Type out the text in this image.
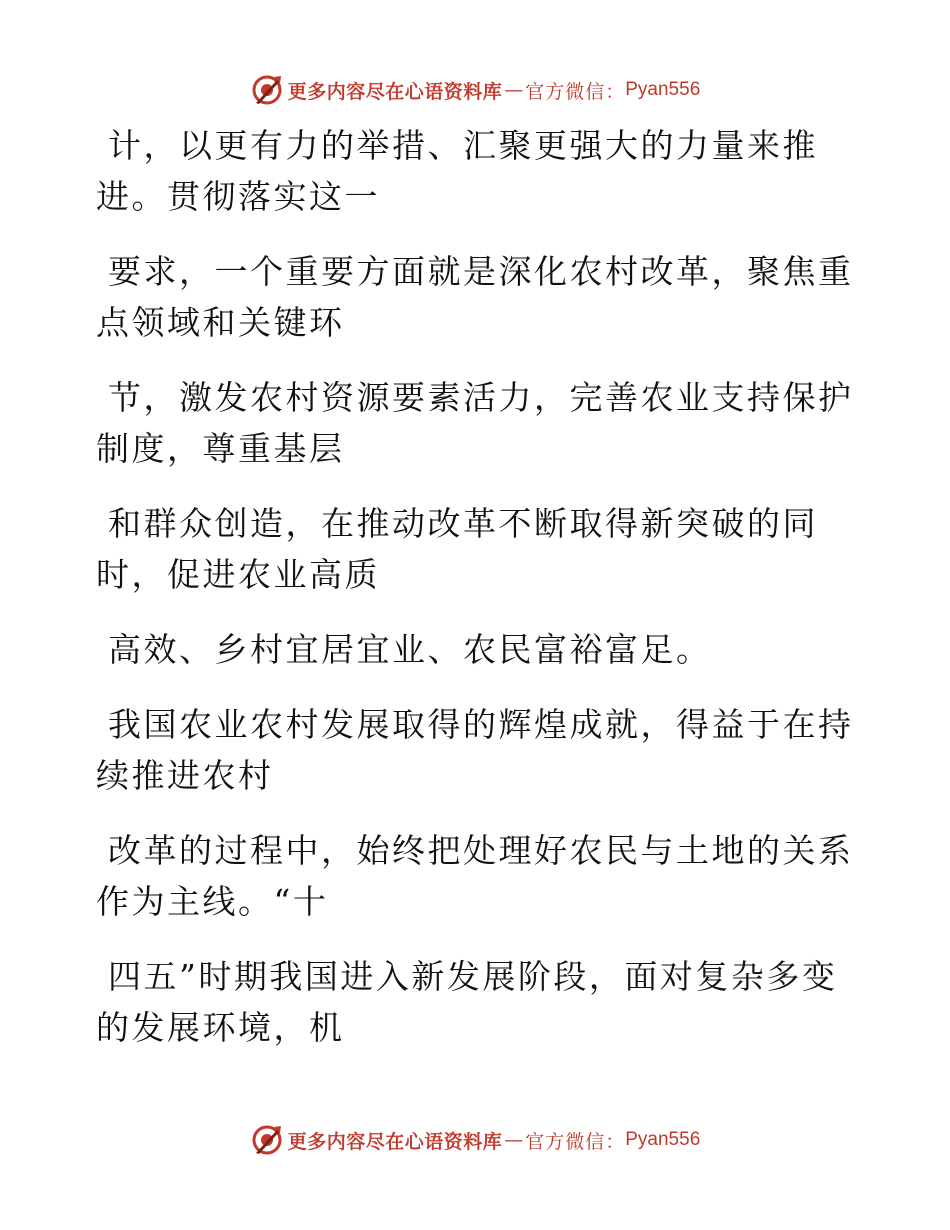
更多内容尽在心语资料库 — 官方微信： Pyan556
计，以更有力的举措、汇聚更强大的力量来推
进。贯彻落实这一
要求，一个重要方面就是深化农村改革，聚焦重
点领域和关键环
节，激发农村资源要素活力，完善农业支持保护
制度，尊重基层
和群众创造，在推动改革不断取得新突破的同
时，促进农业高质
高效、乡村宜居宜业、农民富裕富足。
我国农业农村发展取得的辉煌成就，得益于在持
续推进农村
改革的过程中，始终把处理好农民与土地的关系
作为主线。“十
四五”时期我国进入新发展阶段，面对复杂多变
的发展环境，机
更多内容尽在心语资料库 — 官方微信： Pyan556
